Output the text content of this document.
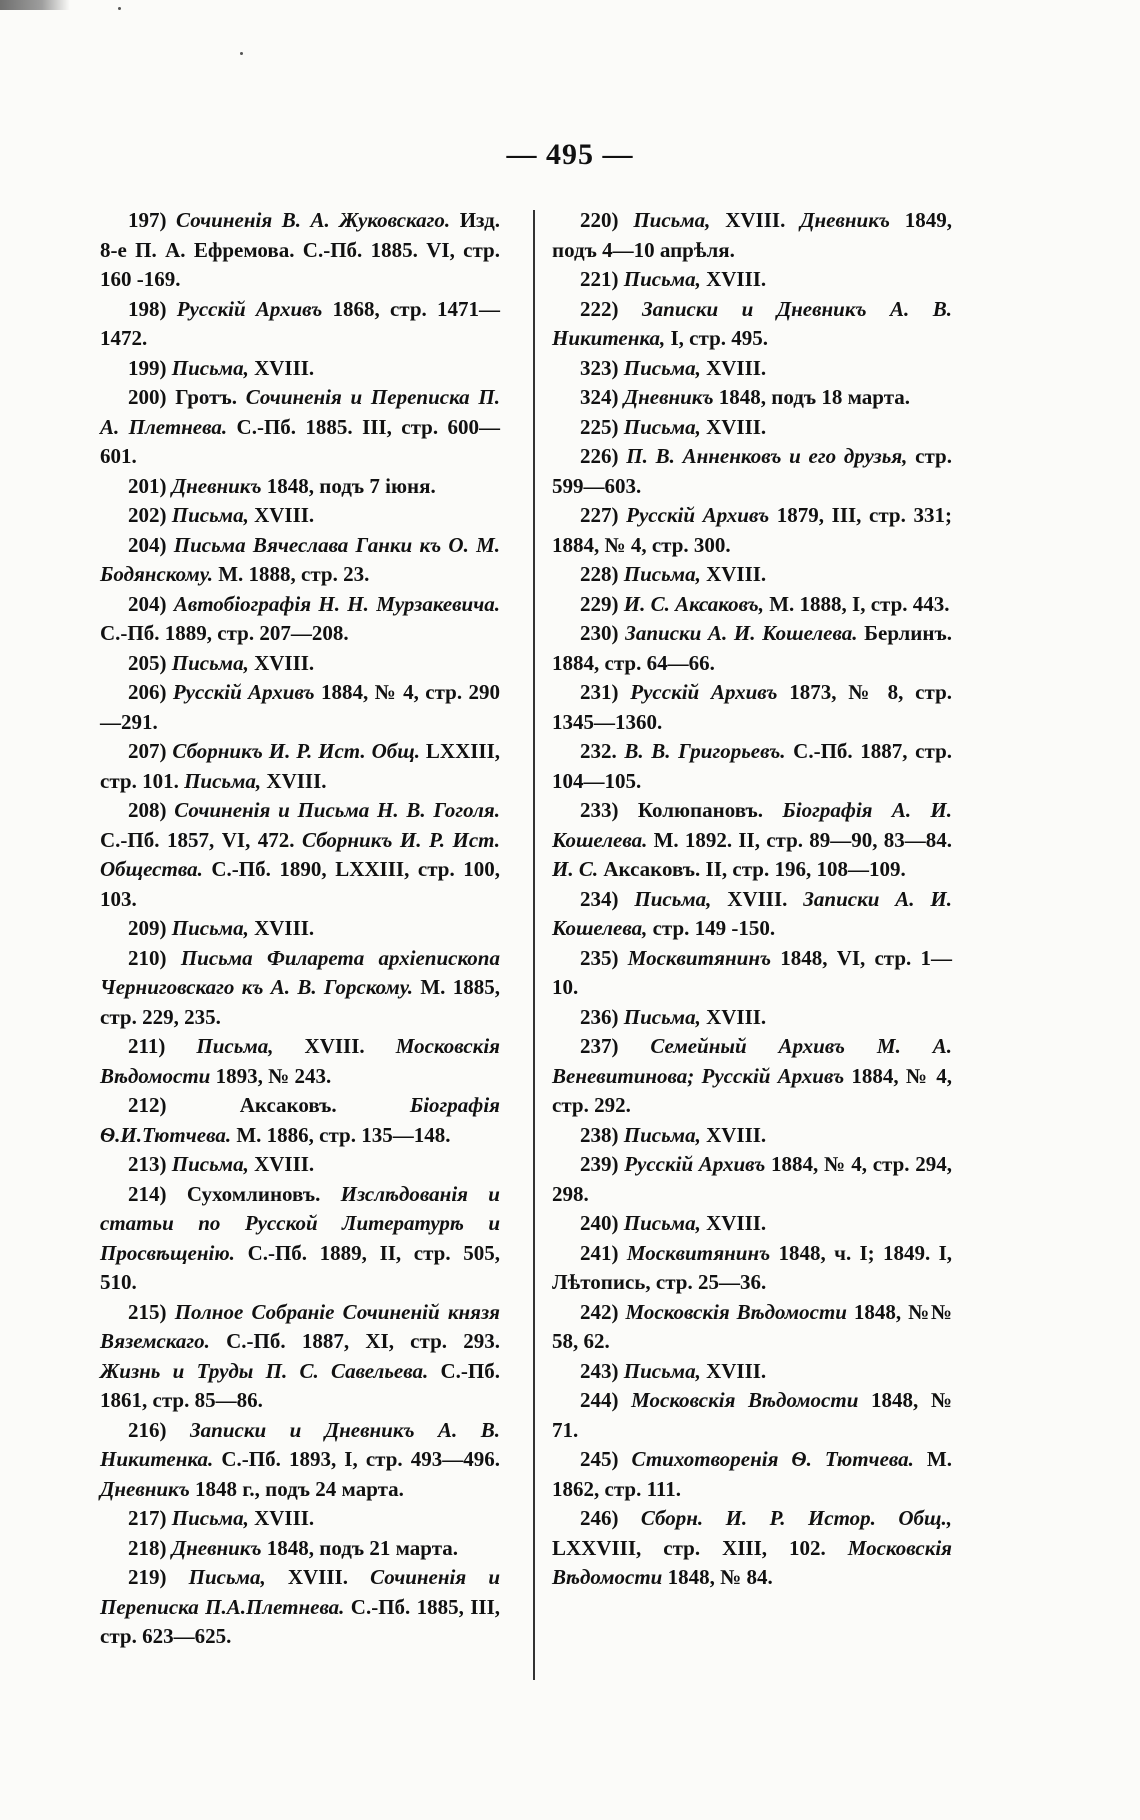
— 495 —
197) Сочиненія В. А. Жуковскаго. Изд. 8-е П. А. Ефремова. С.-Пб. 1885. VI, стр. 160 -169.
198) Русскій Архивъ 1868, стр. 1471—1472.
199) Письма, XVIII.
200) Гротъ. Сочиненія и Переписка П. А. Плетнева. С.-Пб. 1885. III, стр. 600—601.
201) Дневникъ 1848, подъ 7 іюня.
202) Письма, XVIII.
204) Письма Вячеслава Ганки къ О. М. Бодянскому. М. 1888, стр. 23.
204) Автобіографія Н. Н. Мурзакевича. С.-Пб. 1889, стр. 207—208.
205) Письма, XVIII.
206) Русскій Архивъ 1884, № 4, стр. 290—291.
207) Сборникъ И. Р. Ист. Общ. LXXIII, стр. 101. Письма, XVIII.
208) Сочиненія и Письма Н. В. Гоголя. С.-Пб. 1857, VI, 472. Сборникъ И. Р. Ист. Общества. С.-Пб. 1890, LXXIII, стр. 100, 103.
209) Письма, XVIII.
210) Письма Филарета архіепископа Черниговскаго къ А. В. Горскому. М. 1885, стр. 229, 235.
211) Письма, XVIII. Московскія Вѣдомости 1893, № 243.
212) Аксаковъ. Біографія Ѳ.И.Тютчева. М. 1886, стр. 135—148.
213) Письма, XVIII.
214) Сухомлиновъ. Изслѣдованія и статьи по Русской Литературѣ и Просвѣщенію. С.-Пб. 1889, II, стр. 505, 510.
215) Полное Собраніе Сочиненій князя Вяземскаго. С.-Пб. 1887, XI, стр. 293. Жизнь и Труды П. С. Савельева. С.-Пб. 1861, стр. 85—86.
216) Записки и Дневникъ А. В. Никитенка. С.-Пб. 1893, I, стр. 493—496. Дневникъ 1848 г., подъ 24 марта.
217) Письма, XVIII.
218) Дневникъ 1848, подъ 21 марта.
219) Письма, XVIII. Сочиненія и Переписка П.А.Плетнева. С.-Пб. 1885, III, стр. 623—625.
220) Письма, XVIII. Дневникъ 1849, подъ 4—10 апрѣля.
221) Письма, XVIII.
222) Записки и Дневникъ А. В. Никитенка, I, стр. 495.
323) Письма, XVIII.
324) Дневникъ 1848, подъ 18 марта.
225) Письма, XVIII.
226) П. В. Анненковъ и его друзья, стр. 599—603.
227) Русскій Архивъ 1879, III, стр. 331; 1884, № 4, стр. 300.
228) Письма, XVIII.
229) И. С. Аксаковъ, М. 1888, I, стр. 443.
230) Записки А. И. Кошелева. Берлинъ. 1884, стр. 64—66.
231) Русскій Архивъ 1873, № 8, стр. 1345—1360.
232. В. В. Григорьевъ. С.-Пб. 1887, стр. 104—105.
233) Колюпановъ. Біографія А. И. Кошелева. М. 1892. II, стр. 89—90, 83—84. И. С. Аксаковъ. II, стр. 196, 108—109.
234) Письма, XVIII. Записки А. И. Кошелева, стр. 149 -150.
235) Москвитянинъ 1848, VI, стр. 1—10.
236) Письма, XVIII.
237) Семейный Архивъ М. А. Веневитинова; Русскій Архивъ 1884, № 4, стр. 292.
238) Письма, XVIII.
239) Русскій Архивъ 1884, № 4, стр. 294, 298.
240) Письма, XVIII.
241) Москвитянинъ 1848, ч. I; 1849. I, Лѣтопись, стр. 25—36.
242) Московскія Вѣдомости 1848, №№ 58, 62.
243) Письма, XVIII.
244) Московскія Вѣдомости 1848, № 71.
245) Стихотворенія Ѳ. Тютчева. М. 1862, стр. 111.
246) Сборн. И. Р. Истор. Общ., LXXVIII, стр. XIII, 102. Московскія Вѣдомости 1848, № 84.
